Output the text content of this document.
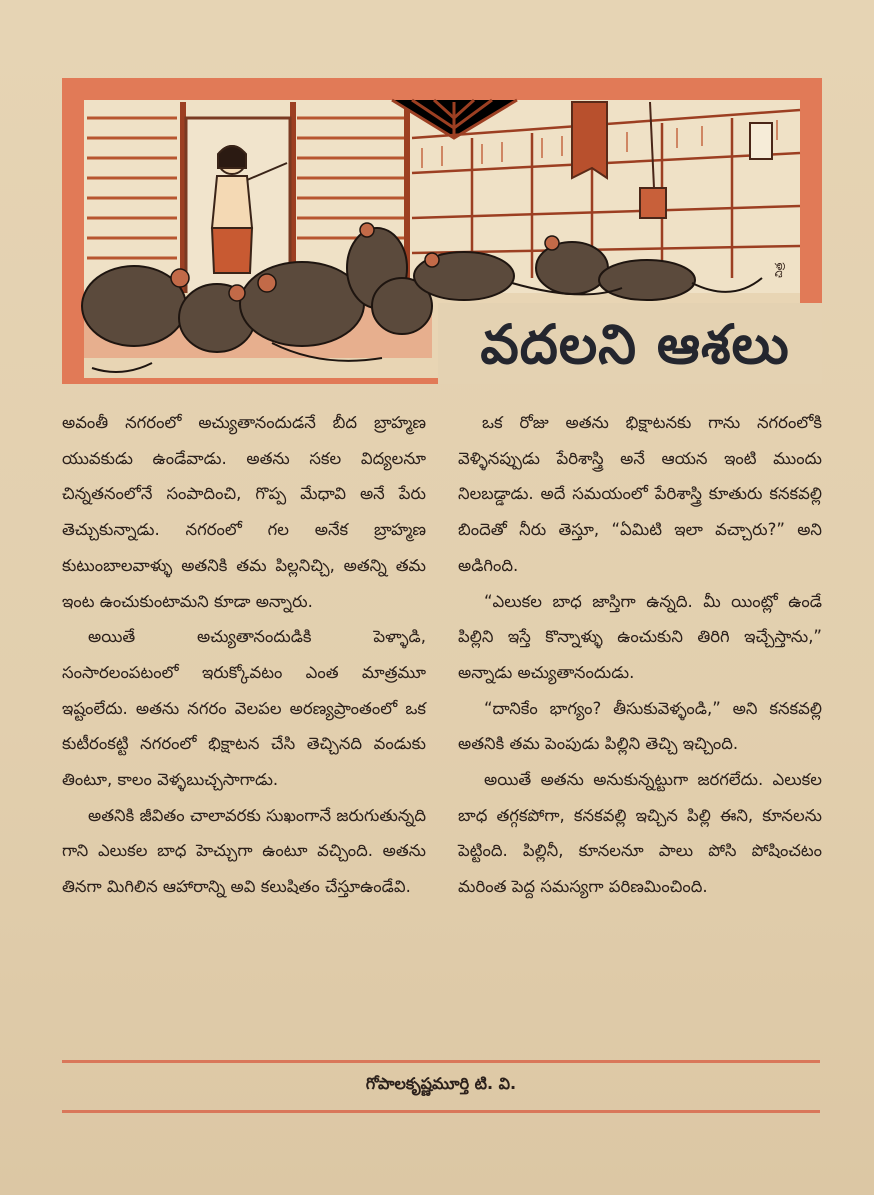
చిత్ర
వదలని ఆశలు

అవంతీ నగరంలో అచ్యుతానందుడనే బీద బ్రాహ్మణ యువకుడు ఉండేవాడు. అతను సకల విద్యలనూ చిన్నతనంలోనే సంపాదించి, గొప్ప మేధావి అనే పేరు తెచ్చుకున్నాడు. నగరంలో గల అనేక బ్రాహ్మణ కుటుంబాలవాళ్ళు అతనికి తమ పిల్లనిచ్చి, అతన్ని తమ ఇంట ఉంచుకుంటామని కూడా అన్నారు.

అయితే అచ్యుతానందుడికి పెళ్ళాడి, సంసారలంపటంలో ఇరుక్కోవటం ఎంత మాత్రమూ ఇష్టంలేదు. అతను నగరం వెలపల అరణ్యప్రాంతంలో ఒక కుటీరంకట్టి నగరంలో భిక్షాటన చేసి తెచ్చినది వండుకు తింటూ, కాలం వెళ్ళబుచ్చసాగాడు.

అతనికి జీవితం చాలావరకు సుఖంగానే జరుగుతున్నది గాని ఎలుకల బాధ హెచ్చుగా ఉంటూ వచ్చింది. అతను తినగా మిగిలిన ఆహారాన్ని అవి కలుషితం చేస్తూఉండేవి.

ఒక రోజు అతను భిక్షాటనకు గాను నగరంలోకి వెళ్ళినప్పుడు పేరిశాస్త్రి అనే ఆయన ఇంటి ముందు నిలబడ్డాడు. అదే సమయంలో పేరిశాస్త్రి కూతురు కనకవల్లి బిందెతో నీరు తెస్తూ, “ఏమిటి ఇలా వచ్చారు?” అని అడిగింది.

“ఎలుకల బాధ జాస్తిగా ఉన్నది. మీ యింట్లో ఉండే పిల్లిని ఇస్తే కొన్నాళ్ళు ఉంచుకుని తిరిగి ఇచ్చేస్తాను,” అన్నాడు అచ్యుతానందుడు.

“దానికేం భాగ్యం? తీసుకువెళ్ళండి,” అని కనకవల్లి అతనికి తమ పెంపుడు పిల్లిని తెచ్చి ఇచ్చింది.

అయితే అతను అనుకున్నట్టుగా జరగలేదు. ఎలుకల బాధ తగ్గకపోగా, కనకవల్లి ఇచ్చిన పిల్లి ఈని, కూనలను పెట్టింది. పిల్లినీ, కూనలనూ పాలు పోసి పోషించటం మరింత పెద్ద సమస్యగా పరిణమించింది.

గోపాలకృష్ణమూర్తి టి. వి.
